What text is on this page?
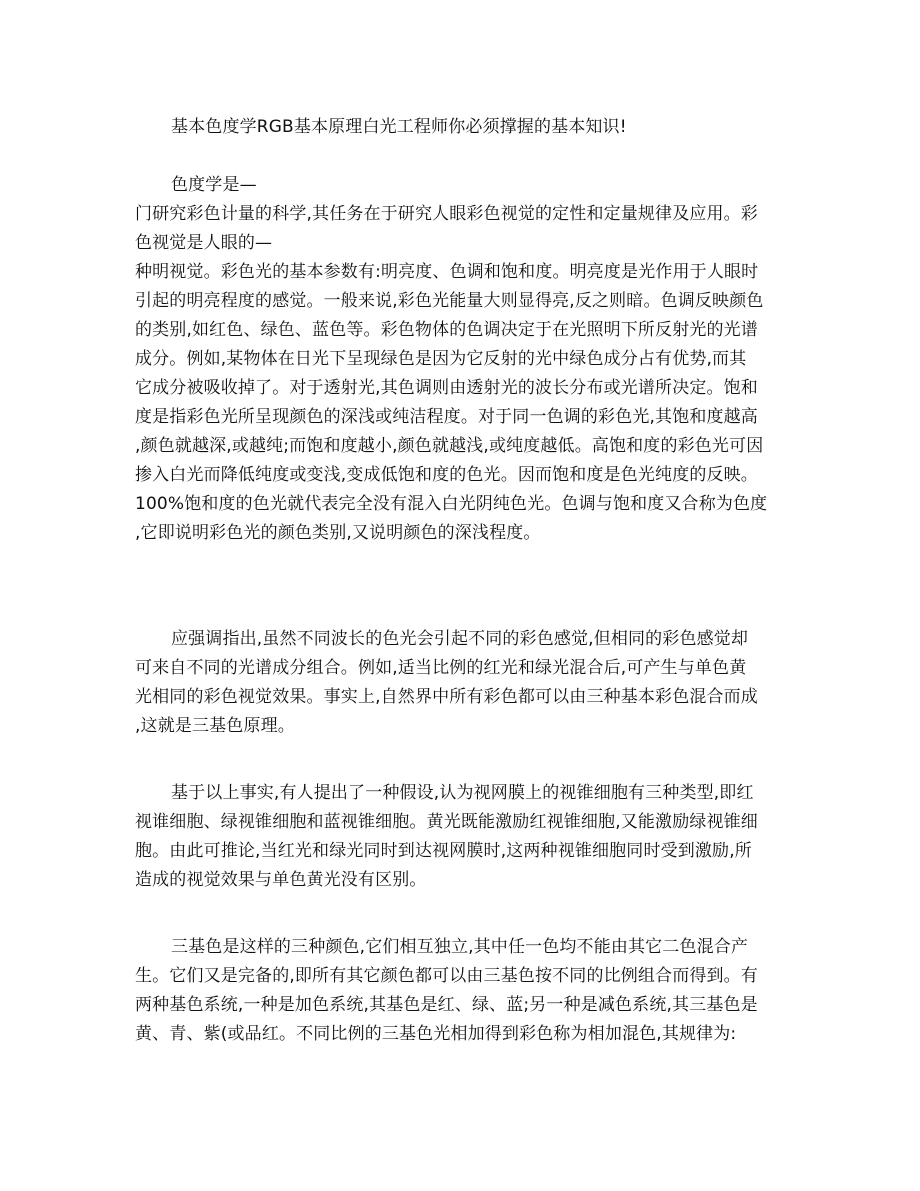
基本色度学RGB基本原理白光工程师你必须撑握的基本知识!
色度学是—
门研究彩色计量的科学,其任务在于研究人眼彩色视觉的定性和定量规律及应用。彩
色视觉是人眼的—
种明视觉。彩色光的基本参数有:明亮度、色调和饱和度。明亮度是光作用于人眼时
引起的明亮程度的感觉。一般来说,彩色光能量大则显得亮,反之则暗。色调反映颜色
的类别,如红色、绿色、蓝色等。彩色物体的色调决定于在光照明下所反射光的光谱
成分。例如,某物体在日光下呈现绿色是因为它反射的光中绿色成分占有优势,而其
它成分被吸收掉了。对于透射光,其色调则由透射光的波长分布或光谱所决定。饱和
度是指彩色光所呈现颜色的深浅或纯洁程度。对于同一色调的彩色光,其饱和度越高
,颜色就越深,或越纯;而饱和度越小,颜色就越浅,或纯度越低。高饱和度的彩色光可因
掺入白光而降低纯度或变浅,变成低饱和度的色光。因而饱和度是色光纯度的反映。
100%饱和度的色光就代表完全没有混入白光阴纯色光。色调与饱和度又合称为色度
,它即说明彩色光的颜色类别,又说明颜色的深浅程度。
应强调指出,虽然不同波长的色光会引起不同的彩色感觉,但相同的彩色感觉却
可来自不同的光谱成分组合。例如,适当比例的红光和绿光混合后,可产生与单色黄
光相同的彩色视觉效果。事实上,自然界中所有彩色都可以由三种基本彩色混合而成
,这就是三基色原理。
基于以上事实,有人提出了一种假设,认为视网膜上的视锥细胞有三种类型,即红
视谁细胞、绿视锥细胞和蓝视锥细胞。黄光既能激励红视锥细胞,又能激励绿视锥细
胞。由此可推论,当红光和绿光同时到达视网膜时,这两种视锥细胞同时受到激励,所
造成的视觉效果与单色黄光没有区别。
三基色是这样的三种颜色,它们相互独立,其中任一色均不能由其它二色混合产
生。它们又是完备的,即所有其它颜色都可以由三基色按不同的比例组合而得到。有
两种基色系统,一种是加色系统,其基色是红、绿、蓝;另一种是减色系统,其三基色是
黄、青、紫(或品红。不同比例的三基色光相加得到彩色称为相加混色,其规律为:
